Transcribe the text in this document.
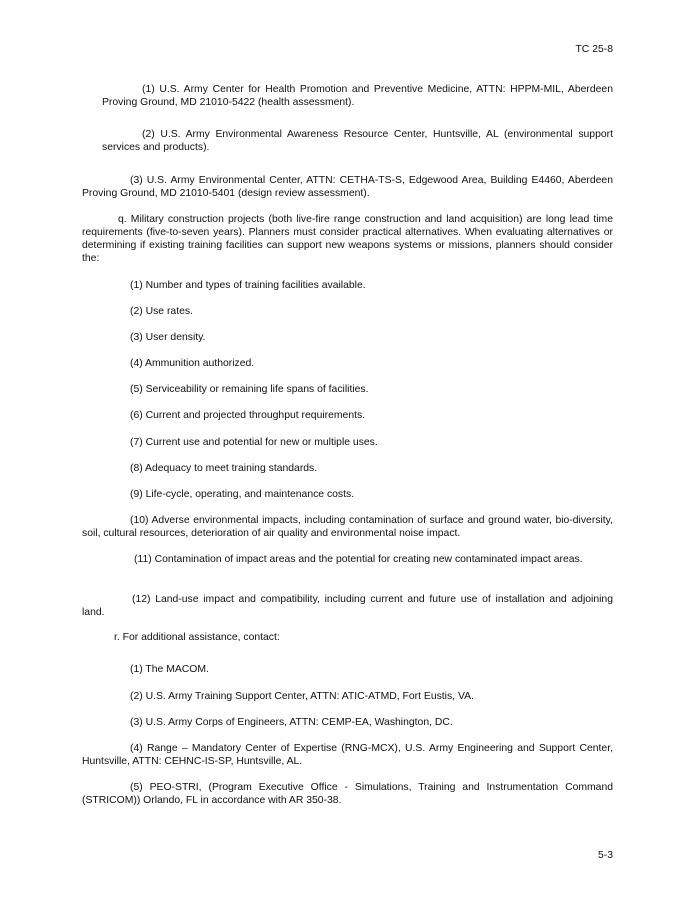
TC 25-8
(1) U.S. Army Center for Health Promotion and Preventive Medicine, ATTN: HPPM-MIL, Aberdeen Proving Ground, MD 21010-5422 (health assessment).
(2) U.S. Army Environmental Awareness Resource Center, Huntsville, AL (environmental support services and products).
(3) U.S. Army Environmental Center, ATTN: CETHA-TS-S, Edgewood Area, Building E4460, Aberdeen Proving Ground, MD 21010-5401 (design review assessment).
q. Military construction projects (both live-fire range construction and land acquisition) are long lead time requirements (five-to-seven years). Planners must consider practical alternatives. When evaluating alternatives or determining if existing training facilities can support new weapons systems or missions, planners should consider the:
(1) Number and types of training facilities available.
(2) Use rates.
(3) User density.
(4) Ammunition authorized.
(5) Serviceability or remaining life spans of facilities.
(6) Current and projected throughput requirements.
(7) Current use and potential for new or multiple uses.
(8) Adequacy to meet training standards.
(9) Life-cycle, operating, and maintenance costs.
(10) Adverse environmental impacts, including contamination of surface and ground water, bio-diversity, soil, cultural resources, deterioration of air quality and environmental noise impact.
(11) Contamination of impact areas and the potential for creating new contaminated impact areas.
(12) Land-use impact and compatibility, including current and future use of installation and adjoining land.
r. For additional assistance, contact:
(1) The MACOM.
(2) U.S. Army Training Support Center, ATTN: ATIC-ATMD, Fort Eustis, VA.
(3) U.S. Army Corps of Engineers, ATTN: CEMP-EA, Washington, DC.
(4) Range – Mandatory Center of Expertise (RNG-MCX), U.S. Army Engineering and Support Center, Huntsville, ATTN: CEHNC-IS-SP, Huntsville, AL.
(5) PEO-STRI, (Program Executive Office - Simulations, Training and Instrumentation Command (STRICOM)) Orlando, FL in accordance with AR 350-38.
5-3
